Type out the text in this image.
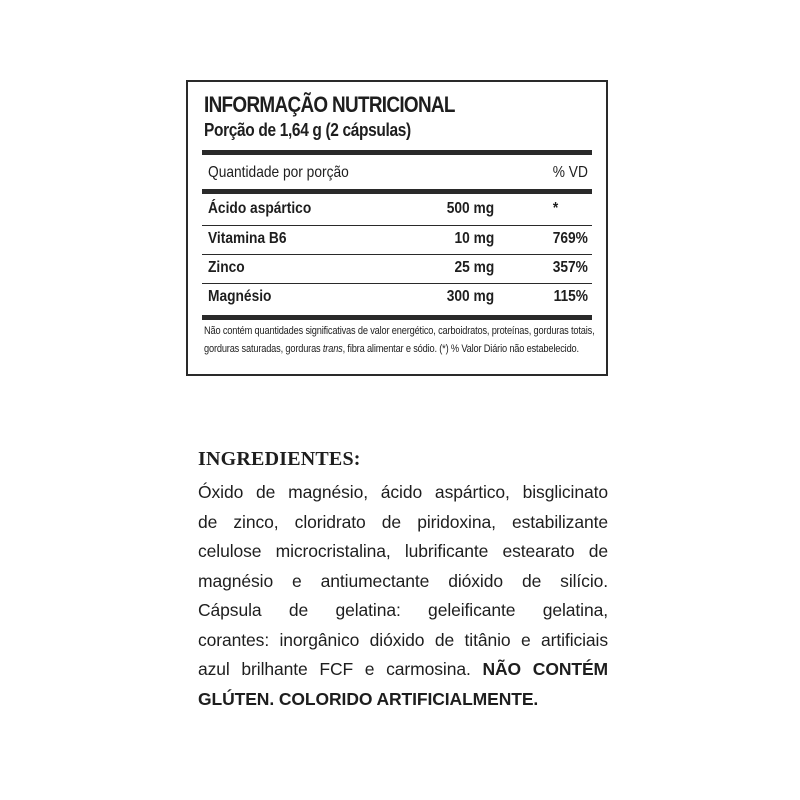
INFORMAÇÃO NUTRICIONAL
Porção de 1,64 g (2 cápsulas)
Quantidade por porção	% VD
Ácido aspártico	500 mg	*
Vitamina B6	10 mg	769%
Zinco	25 mg	357%
Magnésio	300 mg	115%
Não contém quantidades significativas de valor energético, carboidratos, proteínas, gorduras totais,
gorduras saturadas, gorduras trans, fibra alimentar e sódio. (*) % Valor Diário não estabelecido.
INGREDIENTES:
Óxido de magnésio, ácido aspártico, bisglicinato
de zinco, cloridrato de piridoxina, estabilizante
celulose microcristalina, lubrificante estearato de
magnésio e antiumectante dióxido de silício.
Cápsula de gelatina: geleificante gelatina,
corantes: inorgânico dióxido de titânio e artificiais
azul brilhante FCF e carmosina. NÃO CONTÉM
GLÚTEN. COLORIDO ARTIFICIALMENTE.
